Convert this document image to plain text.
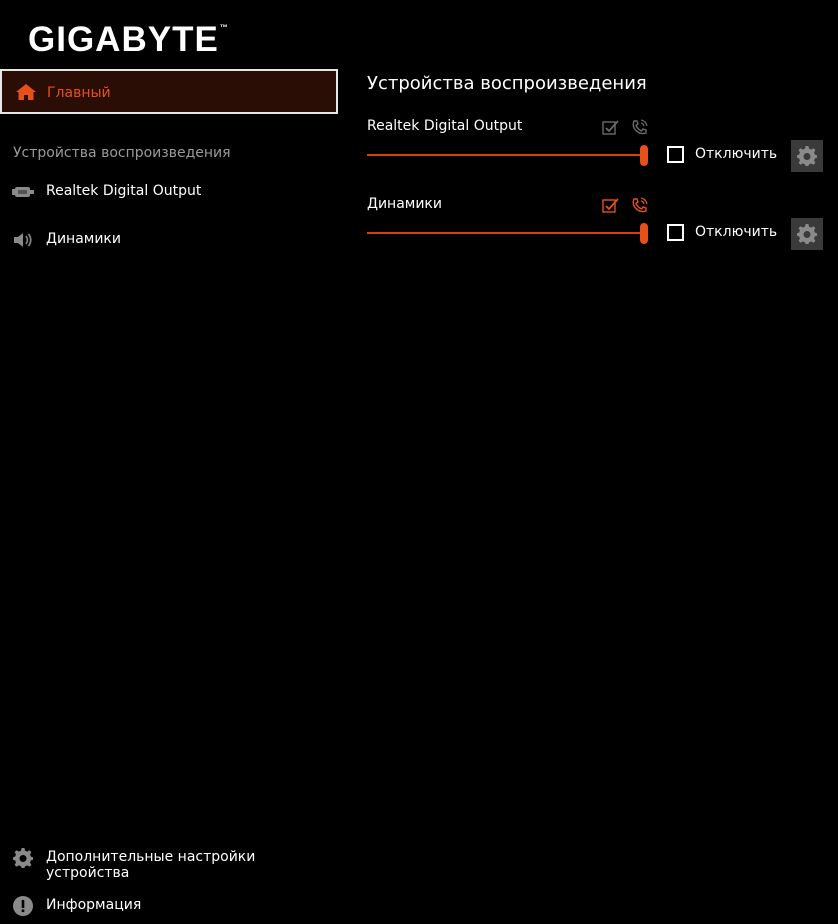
GIGABYTE™
Главный
Устройства воспроизведения
Realtek Digital Output
Динамики
Устройства воспроизведения
Realtek Digital Output
Отключить
Динамики
Отключить
Дополнительные настройки устройства
Информация
